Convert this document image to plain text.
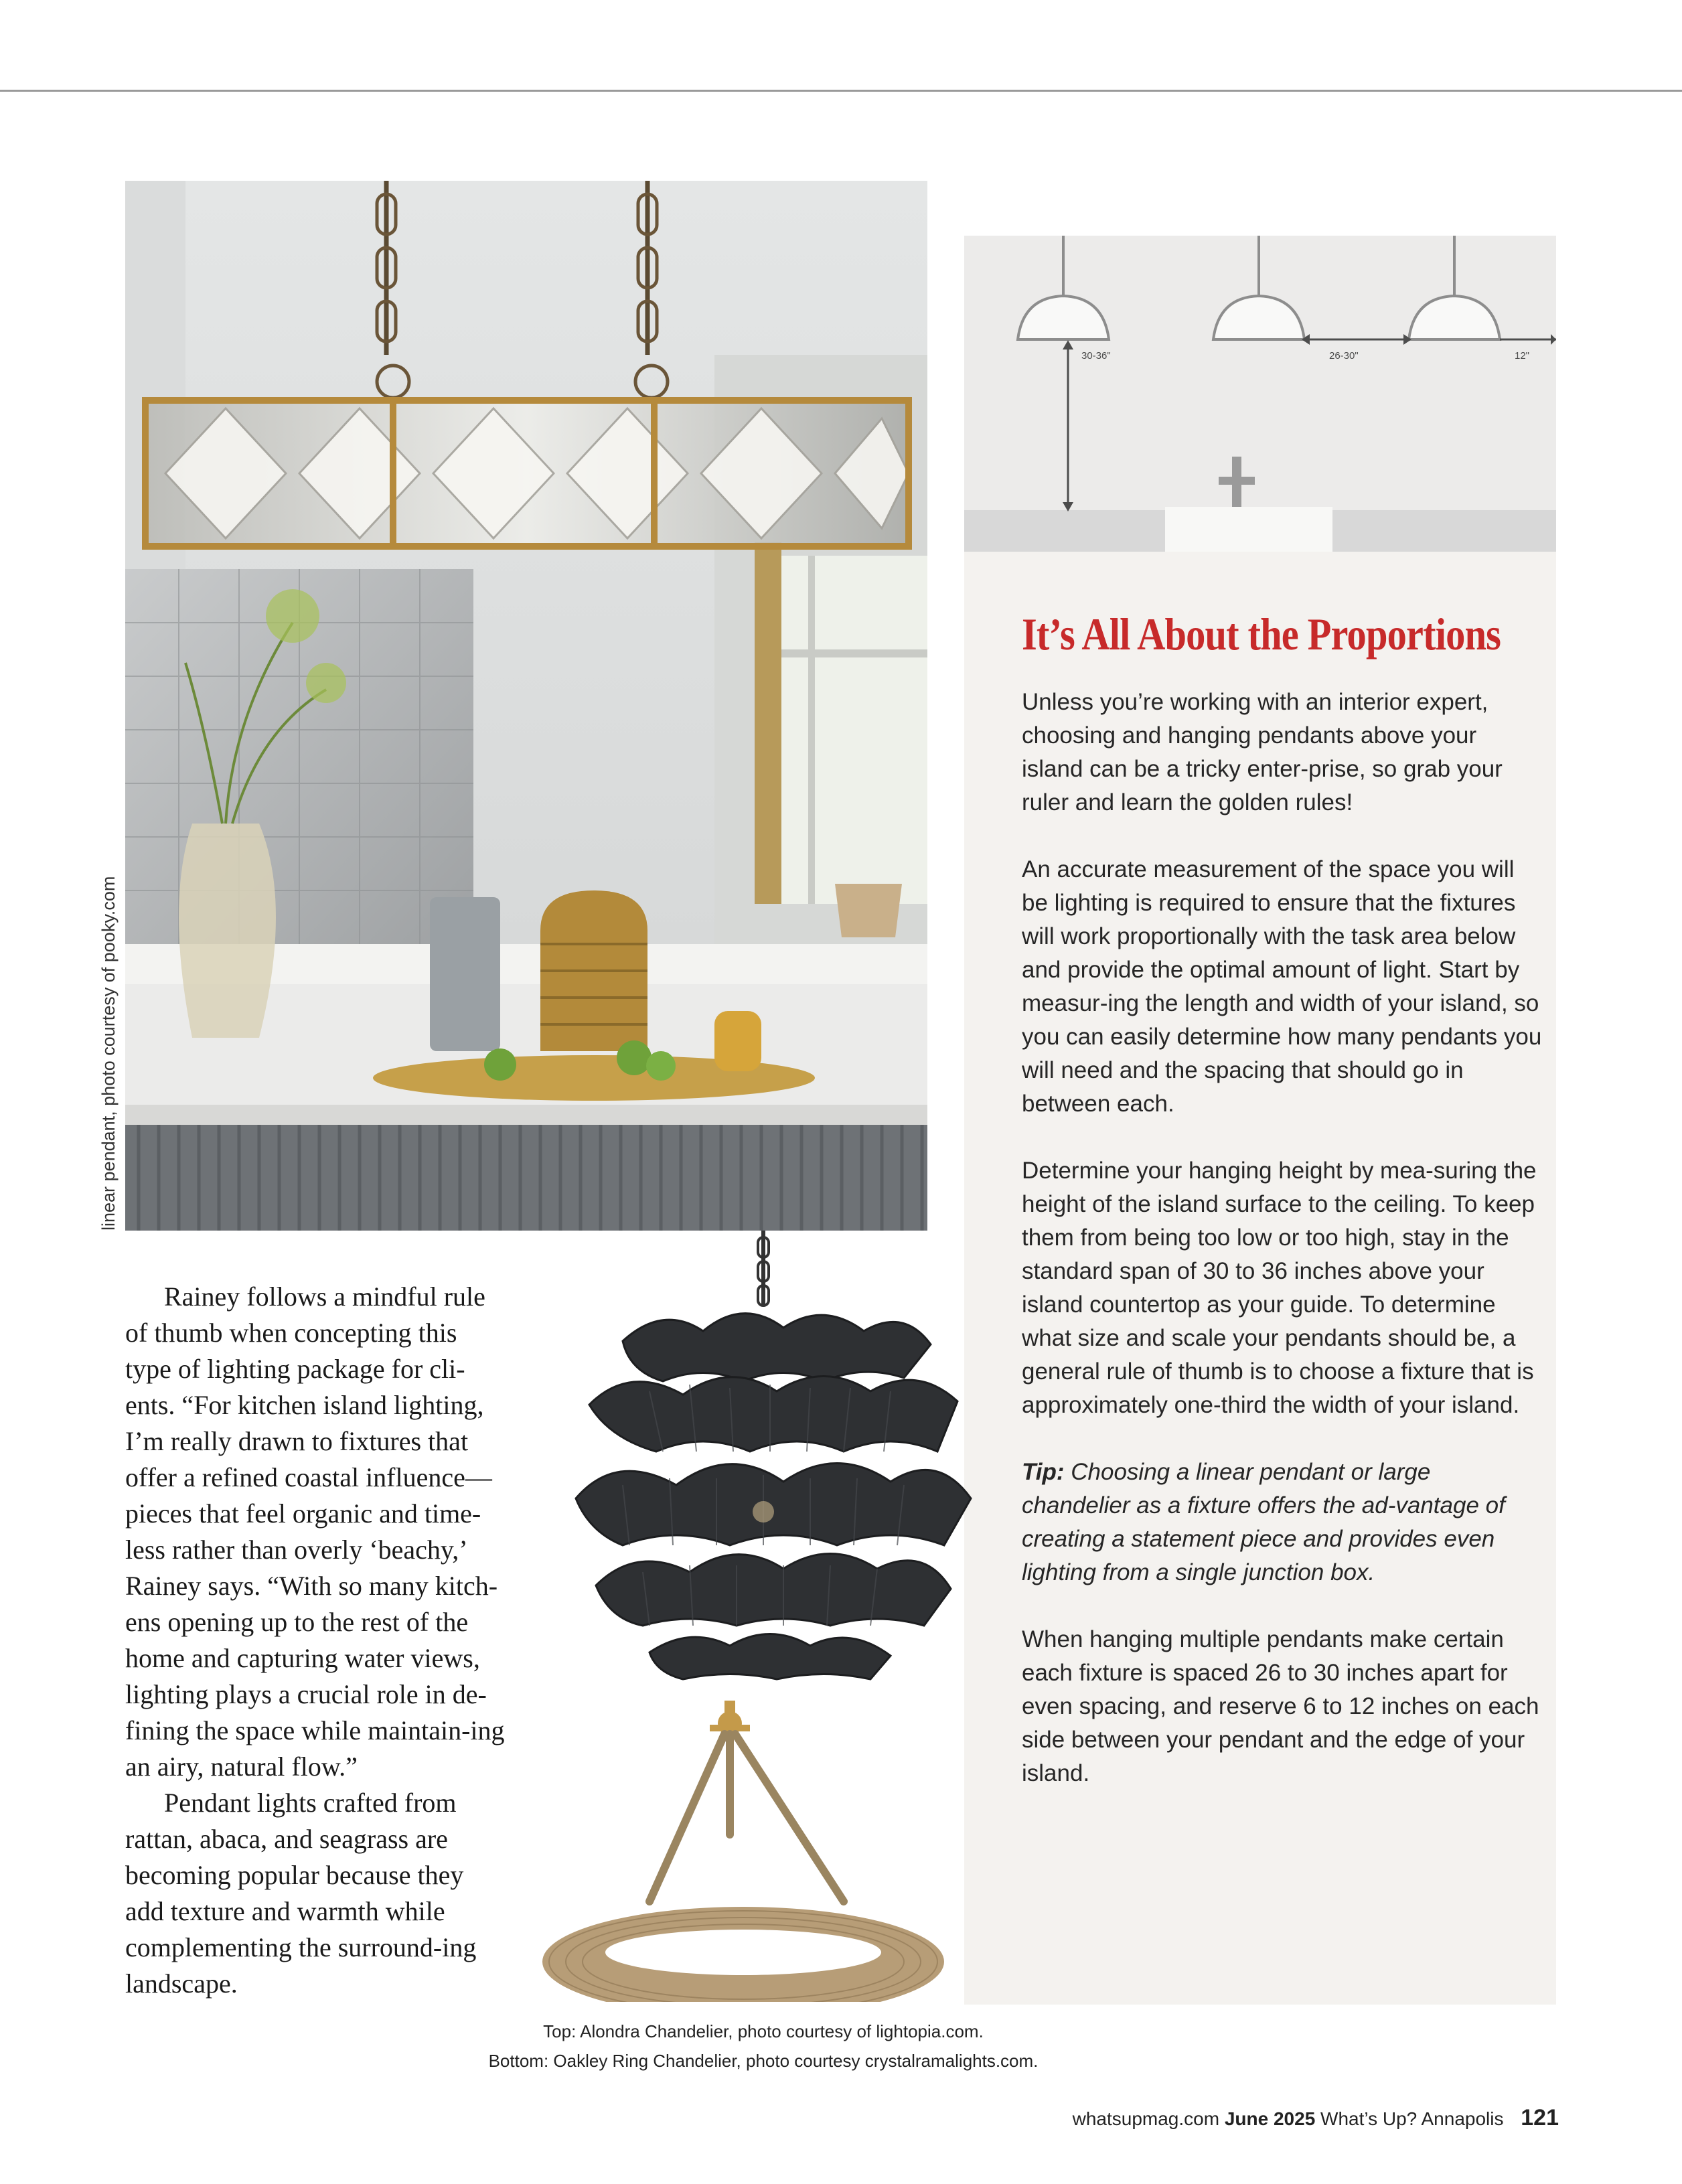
30-36"	26-30"	12"
It’s All About the Proportions

Unless you’re working with an interior expert, choosing and hanging pendants above your island can be a tricky enter-prise, so grab your ruler and learn the golden rules!

An accurate measurement of the space you will be lighting is required to ensure that the fixtures will work proportionally with the task area below and provide the optimal amount of light. Start by measur-ing the length and width of your island, so you can easily determine how many pendants you will need and the spacing that should go in between each.

Determine your hanging height by mea-suring the height of the island surface to the ceiling. To keep them from being too low or too high, stay in the standard span of 30 to 36 inches above your island countertop as your guide. To determine what size and scale your pendants should be, a general rule of thumb is to choose a fixture that is approximately one-third the width of your island.

Tip: Choosing a linear pendant or large chandelier as a fixture offers the ad-vantage of creating a statement piece and provides even lighting from a single junction box.

When hanging multiple pendants make certain each fixture is spaced 26 to 30 inches apart for even spacing, and reserve 6 to 12 inches on each side between your pendant and the edge of your island.

linear pendant, photo courtesy of pooky.com

Rainey follows a mindful rule of thumb when concepting this type of lighting package for cli-ents. “For kitchen island lighting, I’m really drawn to fixtures that offer a refined coastal influence—pieces that feel organic and time-less rather than overly ‘beachy,’ Rainey says. “With so many kitch-ens opening up to the rest of the home and capturing water views, lighting plays a crucial role in de-fining the space while maintain-ing an airy, natural flow.”

Pendant lights crafted from rattan, abaca, and seagrass are becoming popular because they add texture and warmth while complementing the surround-ing landscape.

Top: Alondra Chandelier, photo courtesy of lightopia.com.
Bottom: Oakley Ring Chandelier, photo courtesy crystalramalights.com.
whatsupmag.com June 2025 What’s Up? Annapolis 121
